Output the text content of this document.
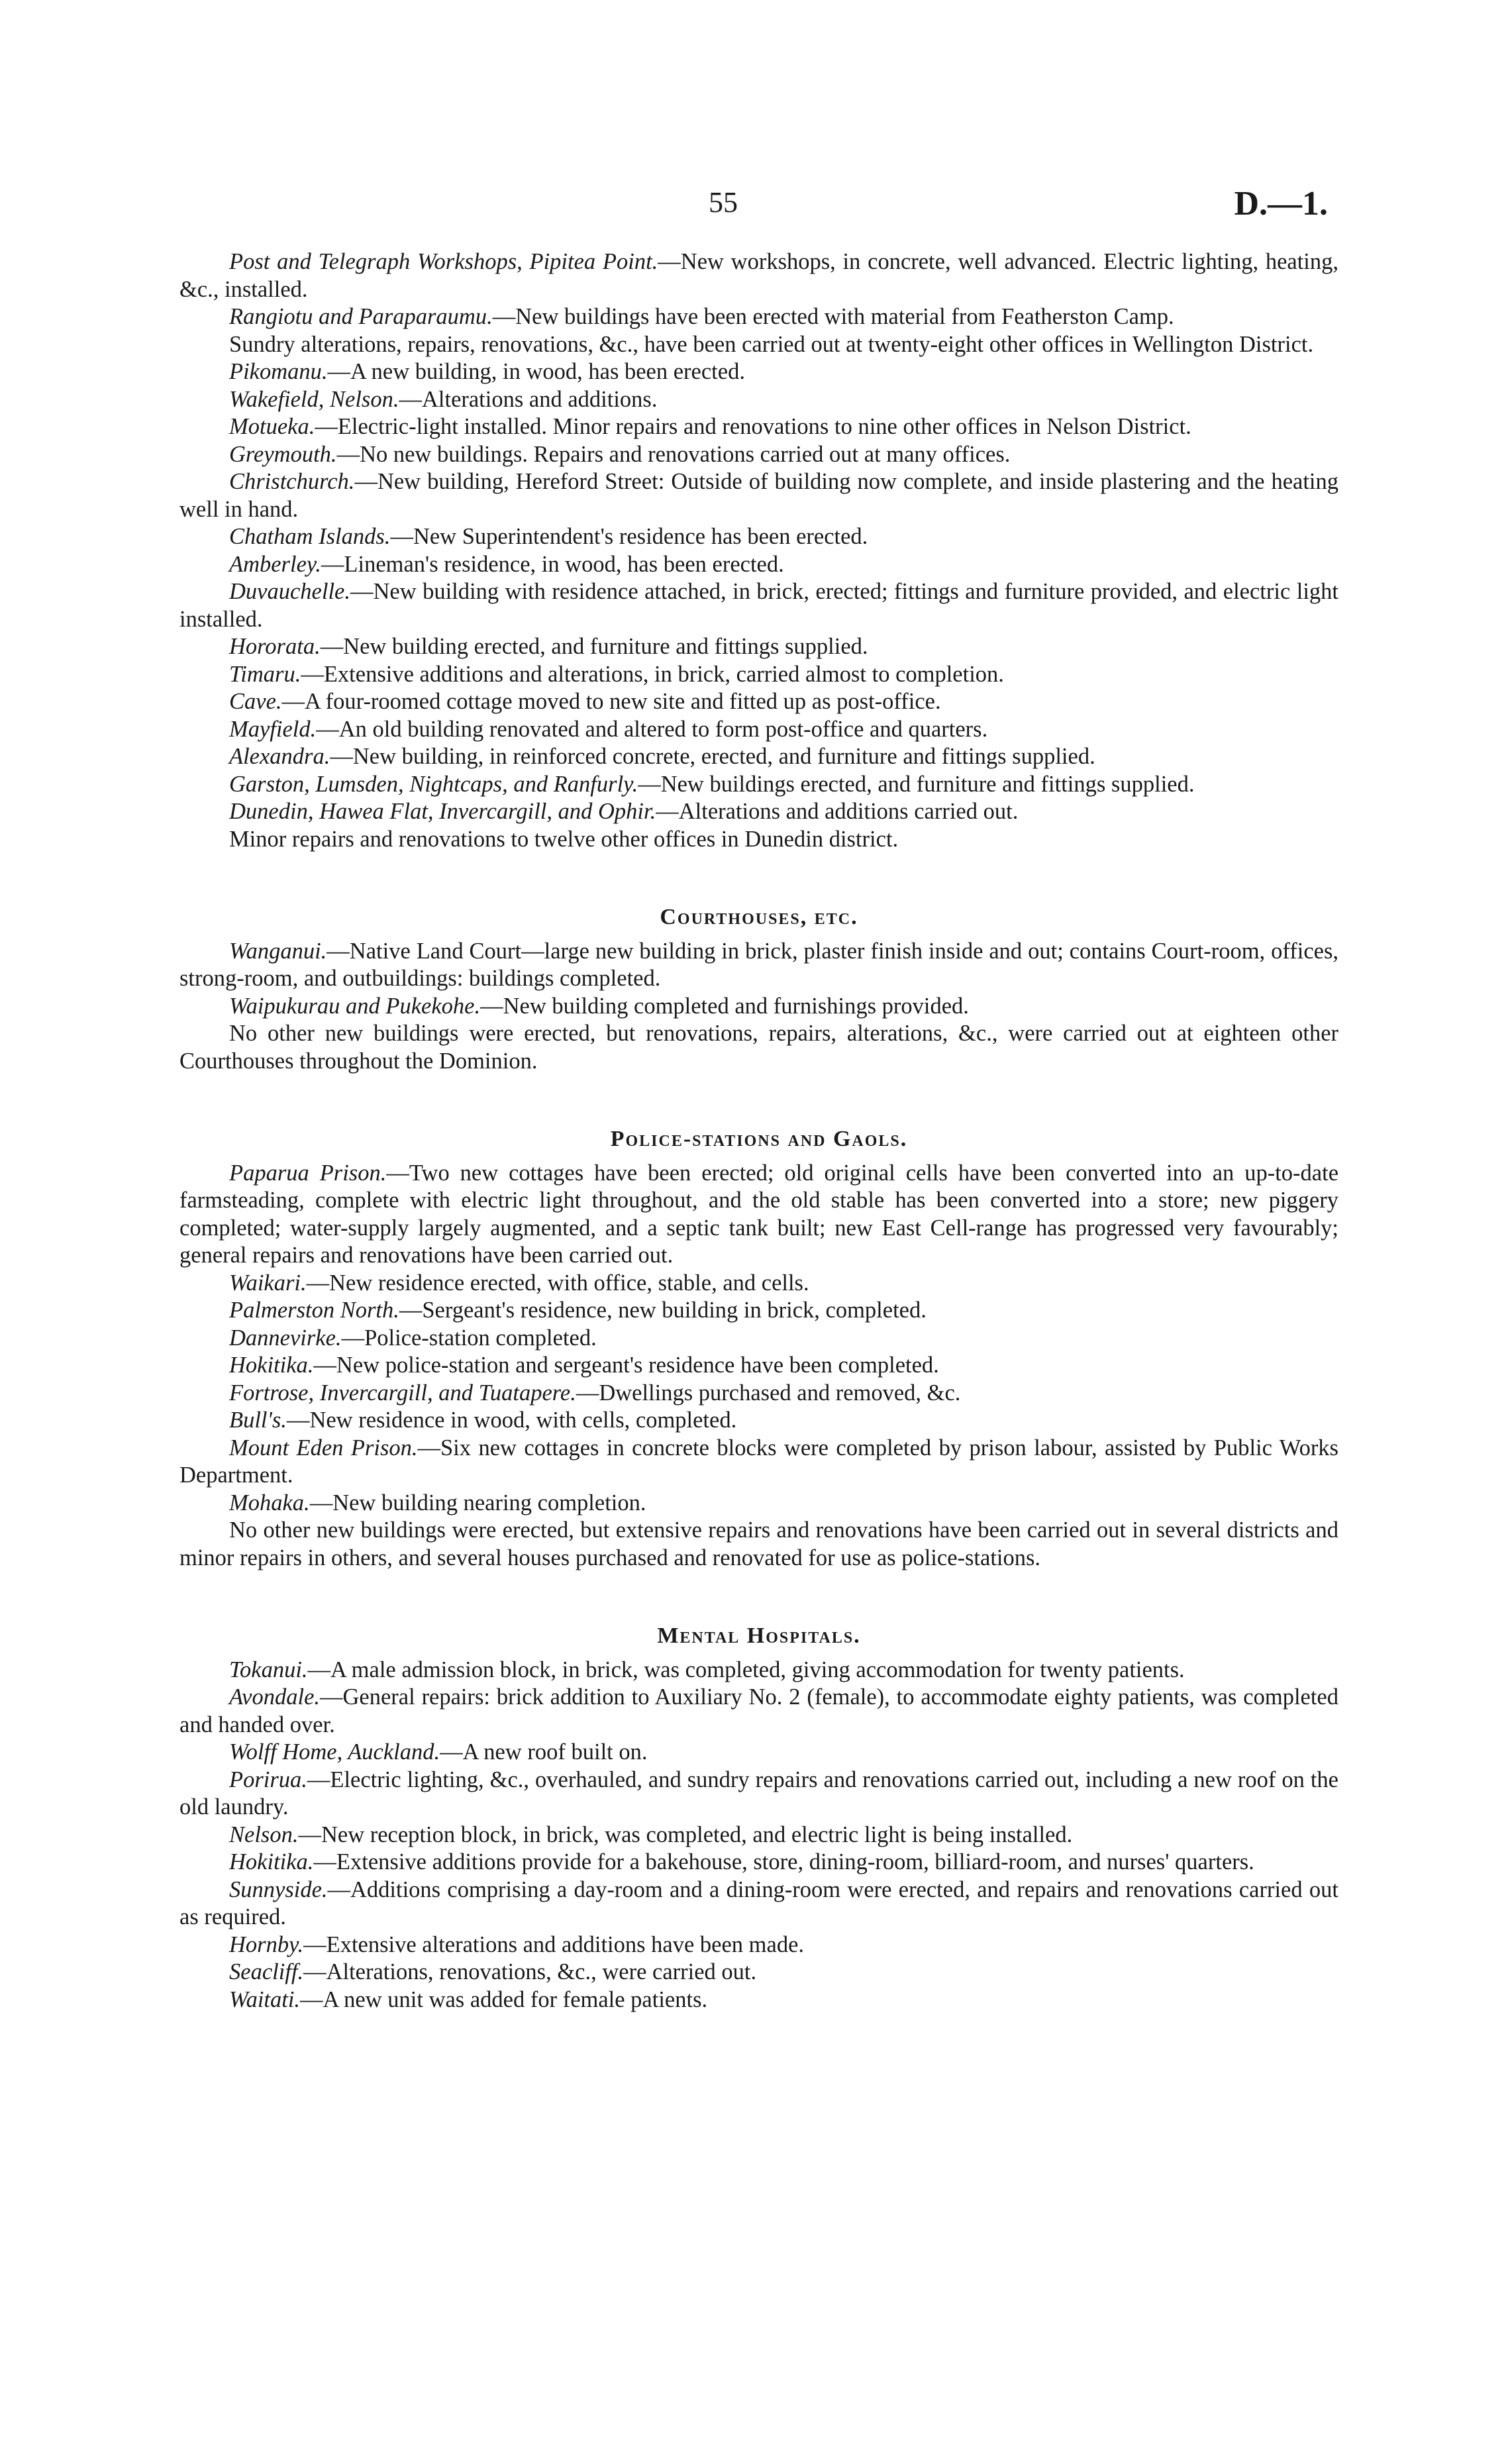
55	D.—1.

Post and Telegraph Workshops, Pipitea Point.—New workshops, in concrete, well advanced. Electric lighting, heating, &c., installed.

Rangiotu and Paraparaumu.—New buildings have been erected with material from Featherston Camp.

Sundry alterations, repairs, renovations, &c., have been carried out at twenty-eight other offices in Wellington District.

Pikomanu.—A new building, in wood, has been erected.

Wakefield, Nelson.—Alterations and additions.

Motueka.—Electric-light installed. Minor repairs and renovations to nine other offices in Nelson District.

Greymouth.—No new buildings. Repairs and renovations carried out at many offices.

Christchurch.—New building, Hereford Street: Outside of building now complete, and inside plastering and the heating well in hand.

Chatham Islands.—New Superintendent's residence has been erected.

Amberley.—Lineman's residence, in wood, has been erected.

Duvauchelle.—New building with residence attached, in brick, erected; fittings and furniture provided, and electric light installed.

Hororata.—New building erected, and furniture and fittings supplied.

Timaru.—Extensive additions and alterations, in brick, carried almost to completion.

Cave.—A four-roomed cottage moved to new site and fitted up as post-office.

Mayfield.—An old building renovated and altered to form post-office and quarters.

Alexandra.—New building, in reinforced concrete, erected, and furniture and fittings supplied.

Garston, Lumsden, Nightcaps, and Ranfurly.—New buildings erected, and furniture and fittings supplied.

Dunedin, Hawea Flat, Invercargill, and Ophir.—Alterations and additions carried out.

Minor repairs and renovations to twelve other offices in Dunedin district.

Courthouses, etc.

Wanganui.—Native Land Court—large new building in brick, plaster finish inside and out; contains Court-room, offices, strong-room, and outbuildings: buildings completed.

Waipukurau and Pukekohe.—New building completed and furnishings provided.

No other new buildings were erected, but renovations, repairs, alterations, &c., were carried out at eighteen other Courthouses throughout the Dominion.

Police-stations and Gaols.

Paparua Prison.—Two new cottages have been erected; old original cells have been converted into an up-to-date farmsteading, complete with electric light throughout, and the old stable has been converted into a store; new piggery completed; water-supply largely augmented, and a septic tank built; new East Cell-range has progressed very favourably; general repairs and renovations have been carried out.

Waikari.—New residence erected, with office, stable, and cells.

Palmerston North.—Sergeant's residence, new building in brick, completed.

Dannevirke.—Police-station completed.

Hokitika.—New police-station and sergeant's residence have been completed.

Fortrose, Invercargill, and Tuatapere.—Dwellings purchased and removed, &c.

Bull's.—New residence in wood, with cells, completed.

Mount Eden Prison.—Six new cottages in concrete blocks were completed by prison labour, assisted by Public Works Department.

Mohaka.—New building nearing completion.

No other new buildings were erected, but extensive repairs and renovations have been carried out in several districts and minor repairs in others, and several houses purchased and renovated for use as police-stations.

Mental Hospitals.

Tokanui.—A male admission block, in brick, was completed, giving accommodation for twenty patients.

Avondale.—General repairs: brick addition to Auxiliary No. 2 (female), to accommodate eighty patients, was completed and handed over.

Wolff Home, Auckland.—A new roof built on.

Porirua.—Electric lighting, &c., overhauled, and sundry repairs and renovations carried out, including a new roof on the old laundry.

Nelson.—New reception block, in brick, was completed, and electric light is being installed.

Hokitika.—Extensive additions provide for a bakehouse, store, dining-room, billiard-room, and nurses' quarters.

Sunnyside.—Additions comprising a day-room and a dining-room were erected, and repairs and renovations carried out as required.

Hornby.—Extensive alterations and additions have been made.

Seacliff.—Alterations, renovations, &c., were carried out.

Waitati.—A new unit was added for female patients.
